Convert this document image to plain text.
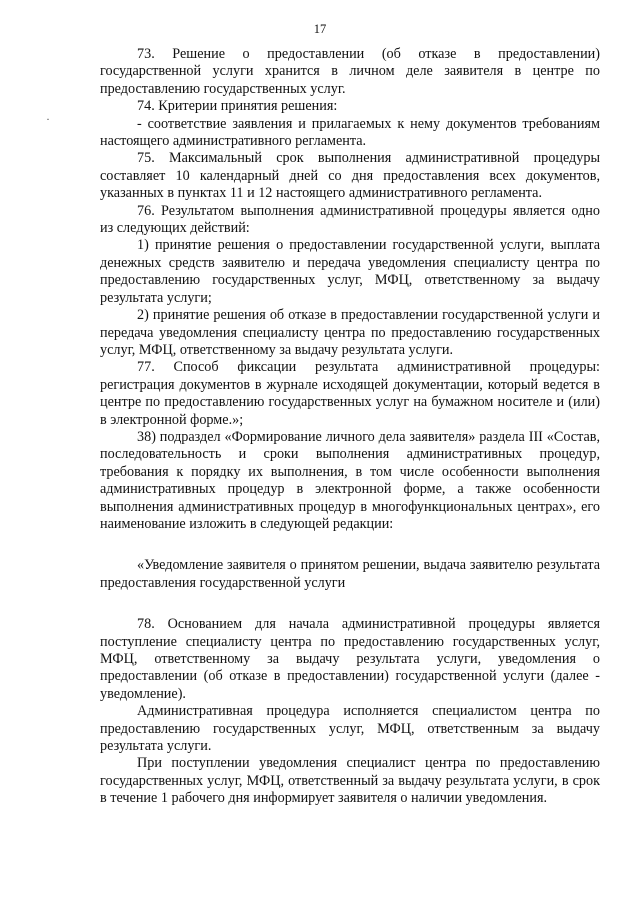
17
·

73. Решение о предоставлении (об отказе в предоставлении) государственной услуги хранится в личном деле заявителя в центре по предоставлению государственных услуг.

74. Критерии принятия решения:

- соответствие заявления и прилагаемых к нему документов требованиям настоящего административного регламента.

75. Максимальный срок выполнения административной процедуры составляет 10 календарный дней со дня предоставления всех документов, указанных в пунктах 11 и 12 настоящего административного регламента.

76. Результатом выполнения административной процедуры является одно из следующих действий:

1) принятие решения о предоставлении государственной услуги, выплата денежных средств заявителю и передача уведомления специалисту центра по предоставлению государственных услуг, МФЦ, ответственному за выдачу результата услуги;

2) принятие решения об отказе в предоставлении государственной услуги и передача уведомления специалисту центра по предоставлению государственных услуг, МФЦ, ответственному за выдачу результата услуги.

77. Способ фиксации результата административной процедуры: регистрация документов в журнале исходящей документации, который ведется в центре по предоставлению государственных услуг на бумажном носителе и (или) в электронной форме.»;

38) подраздел «Формирование личного дела заявителя» раздела III «Состав, последовательность и сроки выполнения административных процедур, требования к порядку их выполнения, в том числе особенности выполнения административных процедур в электронной форме, а также особенности выполнения административных процедур в многофункциональных центрах», его наименование изложить в следующей редакции:

«Уведомление заявителя о принятом решении, выдача заявителю результата предоставления государственной услуги

78. Основанием для начала административной процедуры является поступление специалисту центра по предоставлению государственных услуг, МФЦ, ответственному за выдачу результата услуги, уведомления о предоставлении (об отказе в предоставлении) государственной услуги (далее - уведомление).

Административная процедура исполняется специалистом центра по предоставлению государственных услуг, МФЦ, ответственным за выдачу результата услуги.

При поступлении уведомления специалист центра по предоставлению государственных услуг, МФЦ, ответственный за выдачу результата услуги, в срок в течение 1 рабочего дня информирует заявителя о наличии уведомления.
